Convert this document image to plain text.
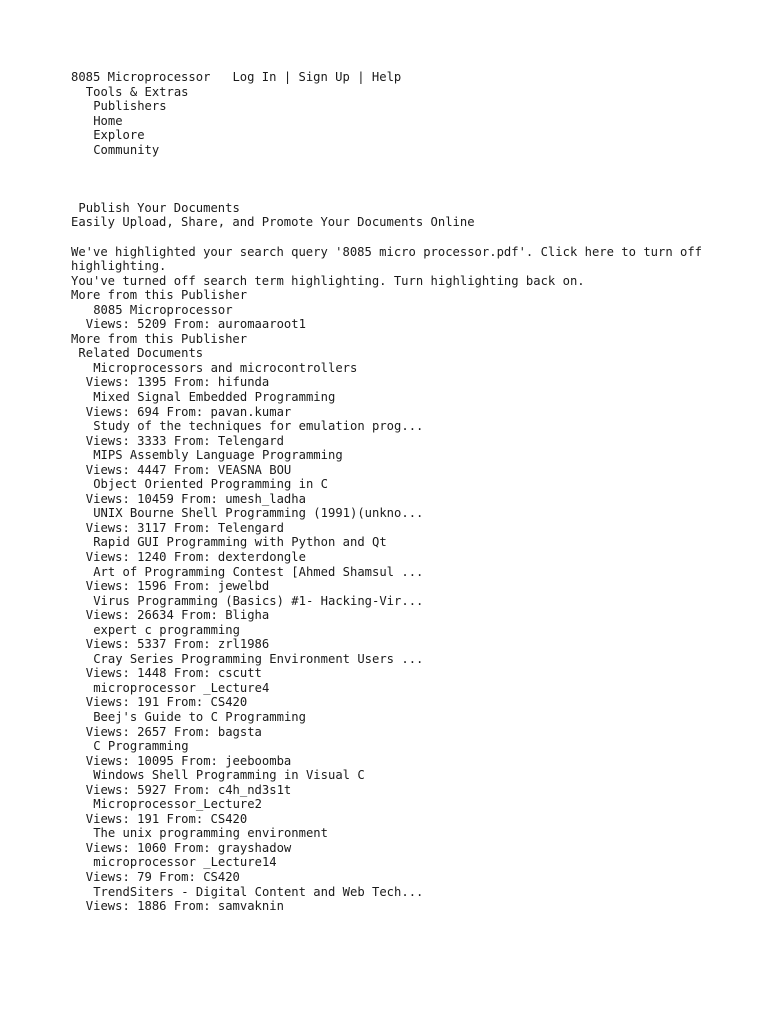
8085 Microprocessor Log In | Sign Up | Help
Tools & Extras
Publishers
Home
Explore
Community
Publish Your Documents
Easily Upload, Share, and Promote Your Documents Online
We've highlighted your search query '8085 micro processor.pdf'. Click here to turn off highlighting.
You've turned off search term highlighting. Turn highlighting back on.
More from this Publisher
8085 Microprocessor
Views: 5209 From: auromaaroot1
More from this Publisher
Related Documents
Microprocessors and microcontrollers
Views: 1395 From: hifunda
Mixed Signal Embedded Programming
Views: 694 From: pavan.kumar
Study of the techniques for emulation prog...
Views: 3333 From: Telengard
MIPS Assembly Language Programming
Views: 4447 From: VEASNA BOU
Object Oriented Programming in C
Views: 10459 From: umesh_ladha
UNIX Bourne Shell Programming (1991)(unkno...
Views: 3117 From: Telengard
Rapid GUI Programming with Python and Qt
Views: 1240 From: dexterdongle
Art of Programming Contest [Ahmed Shamsul ...
Views: 1596 From: jewelbd
Virus Programming (Basics) #1- Hacking-Vir...
Views: 26634 From: Bligha
expert c programming
Views: 5337 From: zrl1986
Cray Series Programming Environment Users ...
Views: 1448 From: cscutt
microprocessor _Lecture4
Views: 191 From: CS420
Beej's Guide to C Programming
Views: 2657 From: bagsta
C Programming
Views: 10095 From: jeeboomba
Windows Shell Programming in Visual C
Views: 5927 From: c4h_nd3s1t
Microprocessor_Lecture2
Views: 191 From: CS420
The unix programming environment
Views: 1060 From: grayshadow
microprocessor _Lecture14
Views: 79 From: CS420
TrendSiters - Digital Content and Web Tech...
Views: 1886 From: samvaknin
